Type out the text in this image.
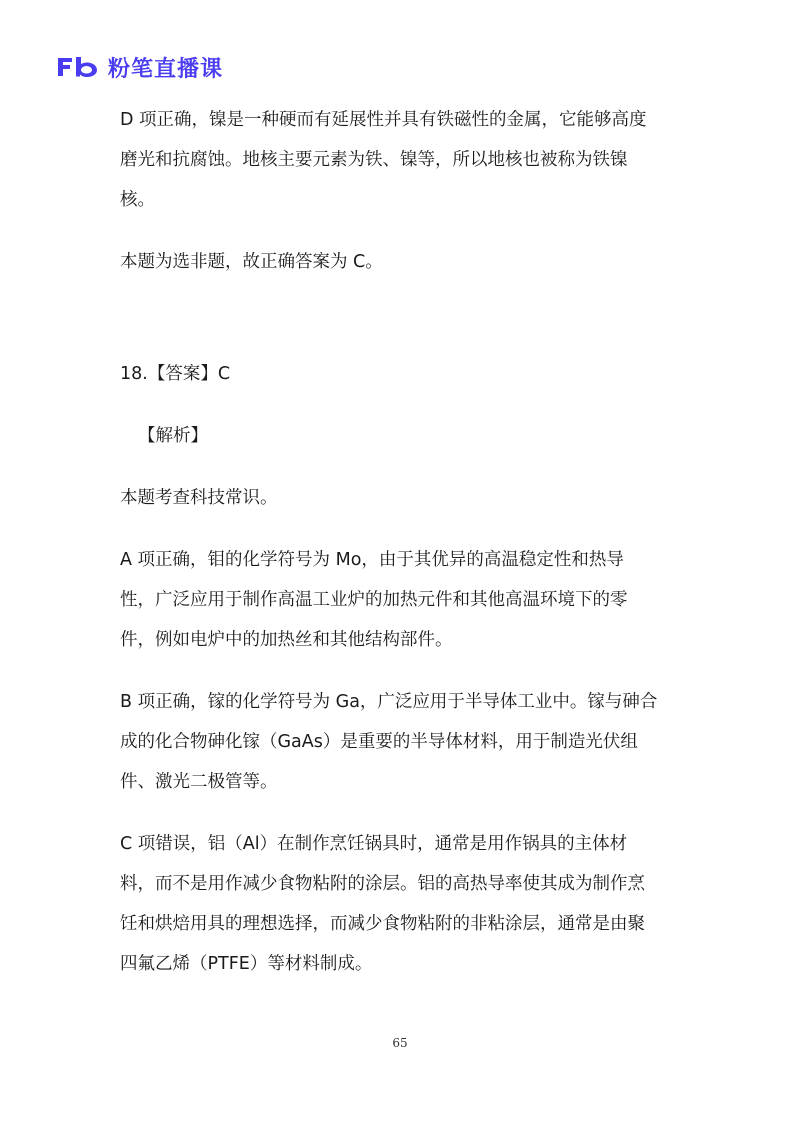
粉笔直播课

D 项正确，镍是一种硬而有延展性并具有铁磁性的金属，它能够高度
磨光和抗腐蚀。地核主要元素为铁、镍等，所以地核也被称为铁镍
核。

本题为选非题，故正确答案为 C。

18.【答案】C

【解析】

本题考查科技常识。

A 项正确，钼的化学符号为 Mo，由于其优异的高温稳定性和热导
性，广泛应用于制作高温工业炉的加热元件和其他高温环境下的零
件，例如电炉中的加热丝和其他结构部件。

B 项正确，镓的化学符号为 Ga，广泛应用于半导体工业中。镓与砷合
成的化合物砷化镓（GaAs）是重要的半导体材料，用于制造光伏组
件、激光二极管等。

C 项错误，铝（Al）在制作烹饪锅具时，通常是用作锅具的主体材
料，而不是用作减少食物粘附的涂层。铝的高热导率使其成为制作烹
饪和烘焙用具的理想选择，而减少食物粘附的非粘涂层，通常是由聚
四氟乙烯（PTFE）等材料制成。

65
